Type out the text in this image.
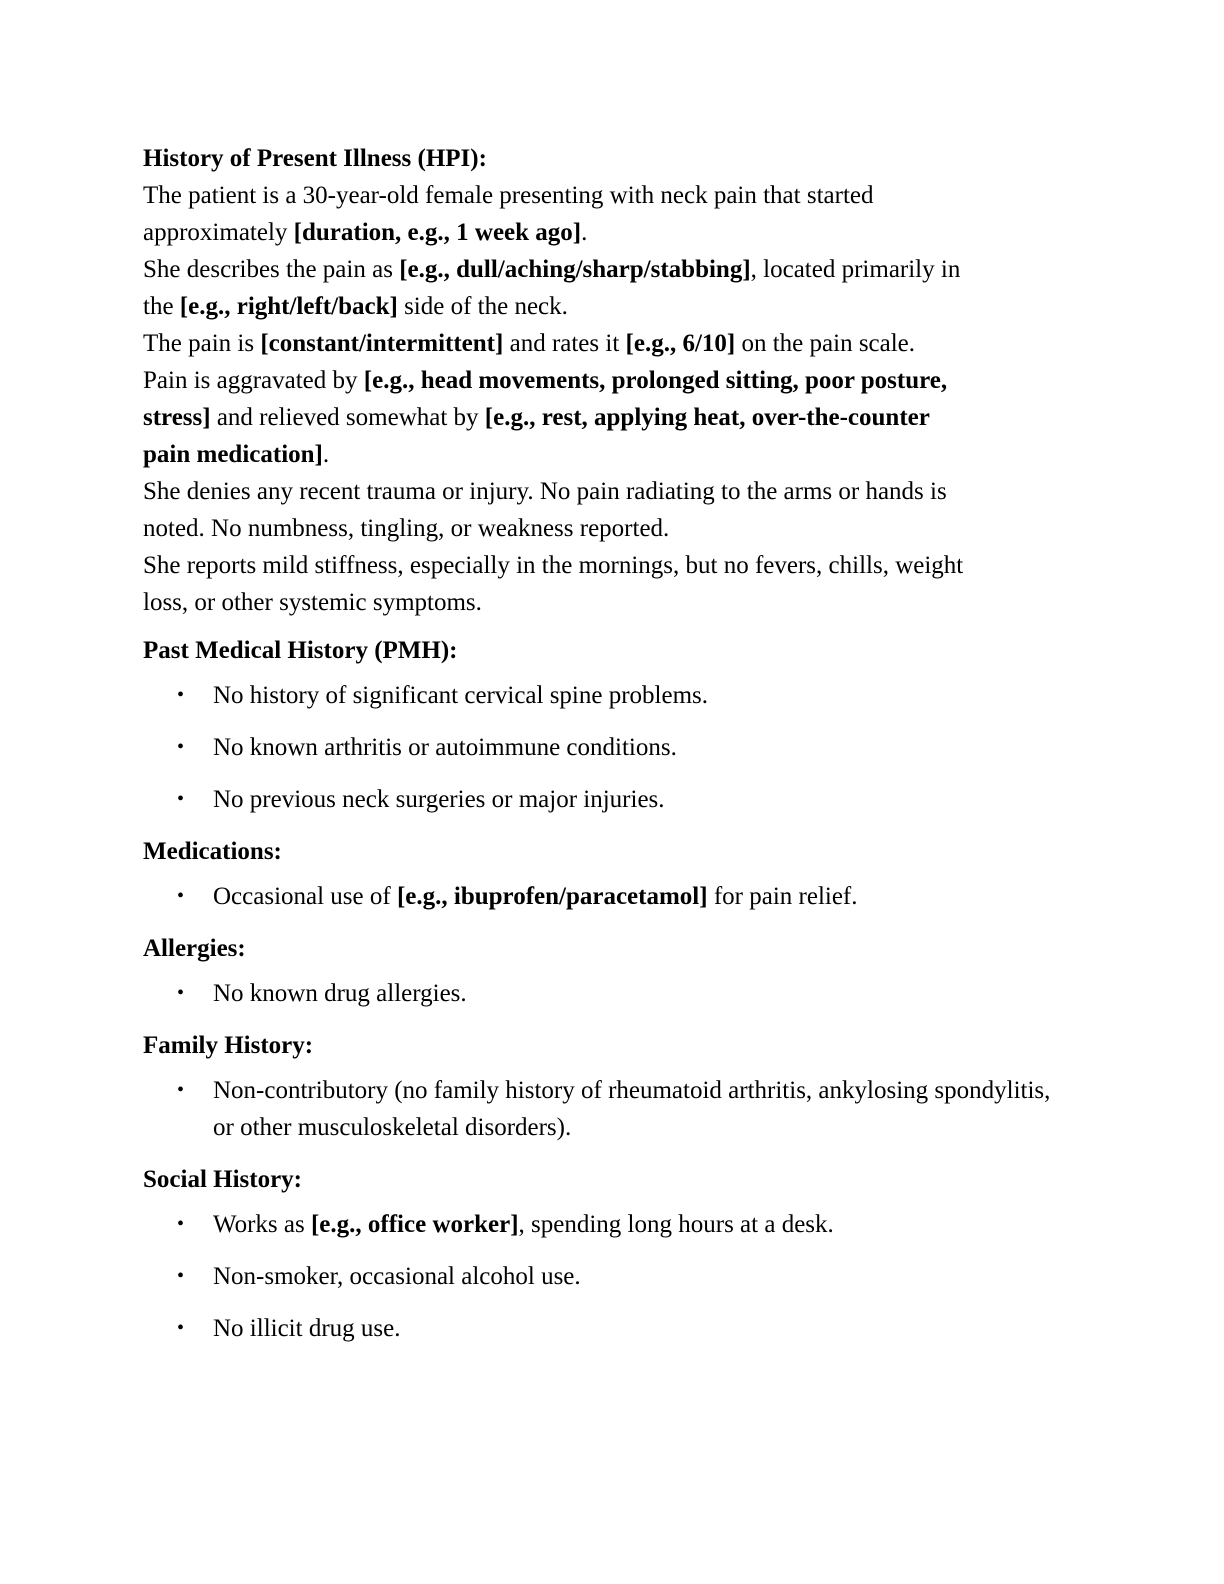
History of Present Illness (HPI):

The patient is a 30-year-old female presenting with neck pain that started

approximately [duration, e.g., 1 week ago].

She describes the pain as [e.g., dull/aching/sharp/stabbing], located primarily in

the [e.g., right/left/back] side of the neck.

The pain is [constant/intermittent] and rates it [e.g., 6/10] on the pain scale.

Pain is aggravated by [e.g., head movements, prolonged sitting, poor posture,

stress] and relieved somewhat by [e.g., rest, applying heat, over-the-counter

pain medication].

She denies any recent trauma or injury. No pain radiating to the arms or hands is

noted. No numbness, tingling, or weakness reported.

She reports mild stiffness, especially in the mornings, but no fevers, chills, weight

loss, or other systemic symptoms.

Past Medical History (PMH):

• No history of significant cervical spine problems.
• No known arthritis or autoimmune conditions.
• No previous neck surgeries or major injuries.

Medications:

• Occasional use of [e.g., ibuprofen/paracetamol] for pain relief.

Allergies:

• No known drug allergies.

Family History:

• Non-contributory (no family history of rheumatoid arthritis, ankylosing spondylitis, or other musculoskeletal disorders).

Social History:

• Works as [e.g., office worker], spending long hours at a desk.
• Non-smoker, occasional alcohol use.
• No illicit drug use.
